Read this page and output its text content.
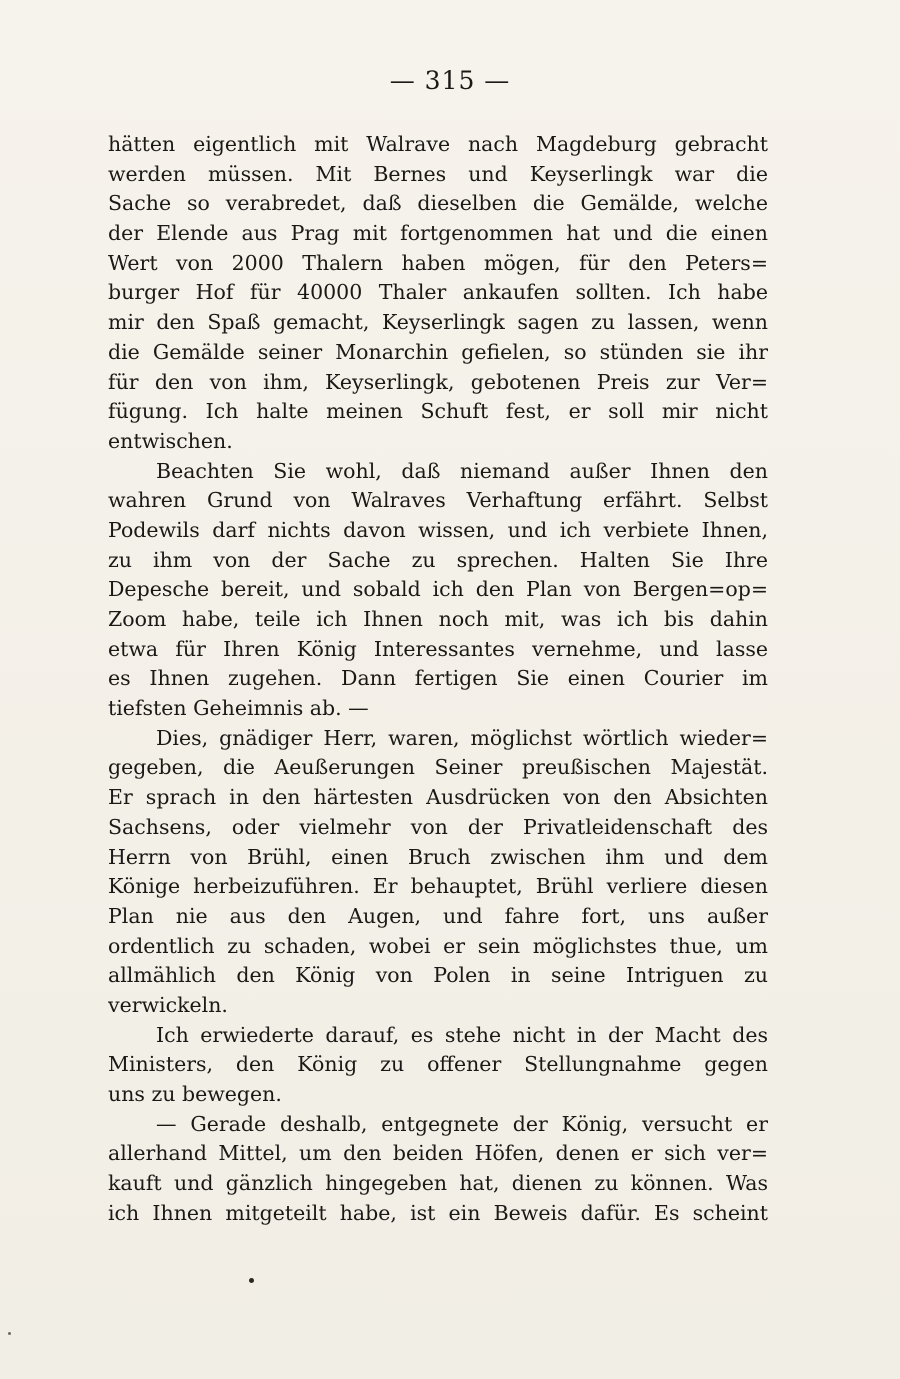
— 315 —
hätten eigentlich mit Walrave nach Magdeburg gebracht
werden müssen. Mit Bernes und Keyserlingk war die
Sache so verabredet, daß dieselben die Gemälde, welche
der Elende aus Prag mit fortgenommen hat und die einen
Wert von 2000 Thalern haben mögen, für den Peters=
burger Hof für 40000 Thaler ankaufen sollten. Ich habe
mir den Spaß gemacht, Keyserlingk sagen zu lassen, wenn
die Gemälde seiner Monarchin gefielen, so stünden sie ihr
für den von ihm, Keyserlingk, gebotenen Preis zur Ver=
fügung. Ich halte meinen Schuft fest, er soll mir nicht
entwischen.
Beachten Sie wohl, daß niemand außer Ihnen den
wahren Grund von Walraves Verhaftung erfährt. Selbst
Podewils darf nichts davon wissen, und ich verbiete Ihnen,
zu ihm von der Sache zu sprechen. Halten Sie Ihre
Depesche bereit, und sobald ich den Plan von Bergen=op=
Zoom habe, teile ich Ihnen noch mit, was ich bis dahin
etwa für Ihren König Interessantes vernehme, und lasse
es Ihnen zugehen. Dann fertigen Sie einen Courier im
tiefsten Geheimnis ab. —
Dies, gnädiger Herr, waren, möglichst wörtlich wieder=
gegeben, die Aeußerungen Seiner preußischen Majestät.
Er sprach in den härtesten Ausdrücken von den Absichten
Sachsens, oder vielmehr von der Privatleidenschaft des
Herrn von Brühl, einen Bruch zwischen ihm und dem
Könige herbeizuführen. Er behauptet, Brühl verliere diesen
Plan nie aus den Augen, und fahre fort, uns außer
ordentlich zu schaden, wobei er sein möglichstes thue, um
allmählich den König von Polen in seine Intriguen zu
verwickeln.
Ich erwiederte darauf, es stehe nicht in der Macht des
Ministers, den König zu offener Stellungnahme gegen
uns zu bewegen.
— Gerade deshalb, entgegnete der König, versucht er
allerhand Mittel, um den beiden Höfen, denen er sich ver=
kauft und gänzlich hingegeben hat, dienen zu können. Was
ich Ihnen mitgeteilt habe, ist ein Beweis dafür. Es scheint
